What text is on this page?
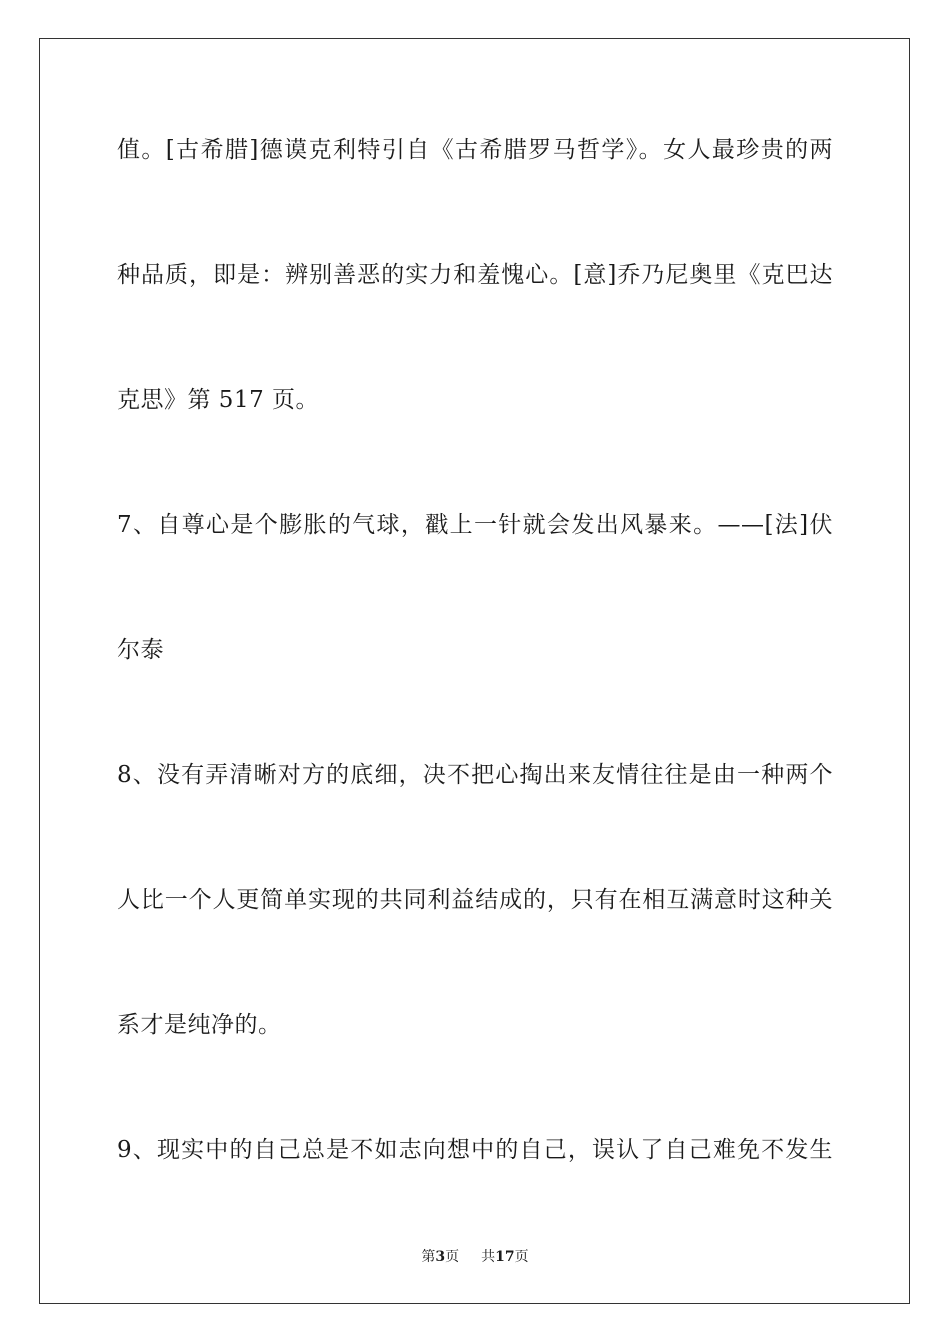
值。[古希腊]德谟克利特引自《古希腊罗马哲学》。女人最珍贵的两
种品质，即是：辨别善恶的实力和羞愧心。[意]乔乃尼奥里《克巴达
克思》第 517 页。
7、自尊心是个膨胀的气球，戳上一针就会发出风暴来。——[法]伏
尔泰
8、没有弄清晰对方的底细，决不把心掏出来友情往往是由一种两个
人比一个人更简单实现的共同利益结成的，只有在相互满意时这种关
系才是纯净的。
9、现实中的自己总是不如志向想中的自己，误认了自己难免不发生
第3页 共17页
